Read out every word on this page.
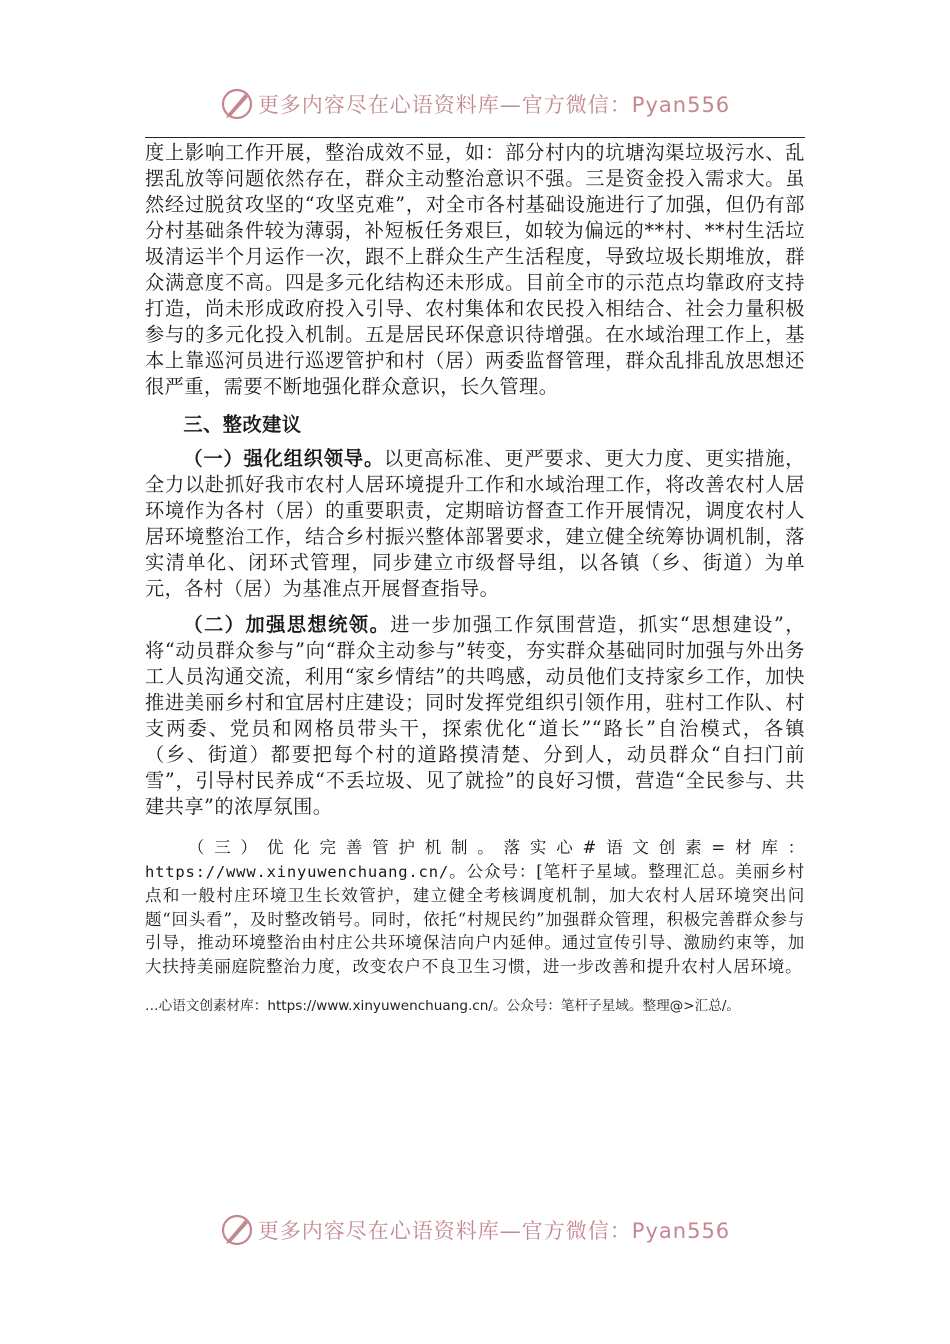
更多内容尽在心语资料库—官方微信：Pyan556

度上影响工作开展，整治成效不显，如：部分村内的坑塘沟渠垃圾污水、乱摆乱放等问题依然存在，群众主动整治意识不强。三是资金投入需求大。虽然经过脱贫攻坚的“攻坚克难”，对全市各村基础设施进行了加强，但仍有部分村基础条件较为薄弱，补短板任务艰巨，如较为偏远的**村、**村生活垃圾清运半个月运作一次，跟不上群众生产生活程度，导致垃圾长期堆放，群众满意度不高。四是多元化结构还未形成。目前全市的示范点均靠政府支持打造，尚未形成政府投入引导、农村集体和农民投入相结合、社会力量积极参与的多元化投入机制。五是居民环保意识待增强。在水域治理工作上，基本上靠巡河员进行巡逻管护和村（居）两委监督管理，群众乱排乱放思想还很严重，需要不断地强化群众意识，长久管理。

三、整改建议

（一）强化组织领导。以更高标准、更严要求、更大力度、更实措施，全力以赴抓好我市农村人居环境提升工作和水域治理工作，将改善农村人居环境作为各村（居）的重要职责，定期暗访督查工作开展情况，调度农村人居环境整治工作，结合乡村振兴整体部署要求，建立健全统筹协调机制，落实清单化、闭环式管理，同步建立市级督导组，以各镇（乡、街道）为单元，各村（居）为基准点开展督查指导。

（二）加强思想统领。进一步加强工作氛围营造，抓实“思想建设”，将“动员群众参与”向“群众主动参与”转变，夯实群众基础同时加强与外出务工人员沟通交流，利用“家乡情结”的共鸣感，动员他们支持家乡工作，加快推进美丽乡村和宜居村庄建设；同时发挥党组织引领作用，驻村工作队、村支两委、党员和网格员带头干，探索优化“道长”“路长”自治模式，各镇（乡、街道）都要把每个村的道路摸清楚、分到人，动员群众“自扫门前雪”，引导村民养成“不丢垃圾、见了就捡”的良好习惯，营造“全民参与、共建共享”的浓厚氛围。

（三）优化完善管护机制。落实心#语文创素=材库：https://www.xinyuwenchuang.cn/。公众号：[笔杆子星域。整理汇总。美丽乡村点和一般村庄环境卫生长效管护，建立健全考核调度机制，加大农村人居环境突出问题“回头看”，及时整改销号。同时，依托“村规民约”加强群众管理，积极完善群众参与引导，推动环境整治由村庄公共环境保洁向户内延伸。通过宣传引导、激励约束等，加大扶持美丽庭院整治力度，改变农户不良卫生习惯，进一步改善和提升农村人居环境。

…心语文创素材库：https://www.xinyuwenchuang.cn/。公众号：笔杆子星域。整理@>汇总/。

更多内容尽在心语资料库—官方微信：Pyan556
